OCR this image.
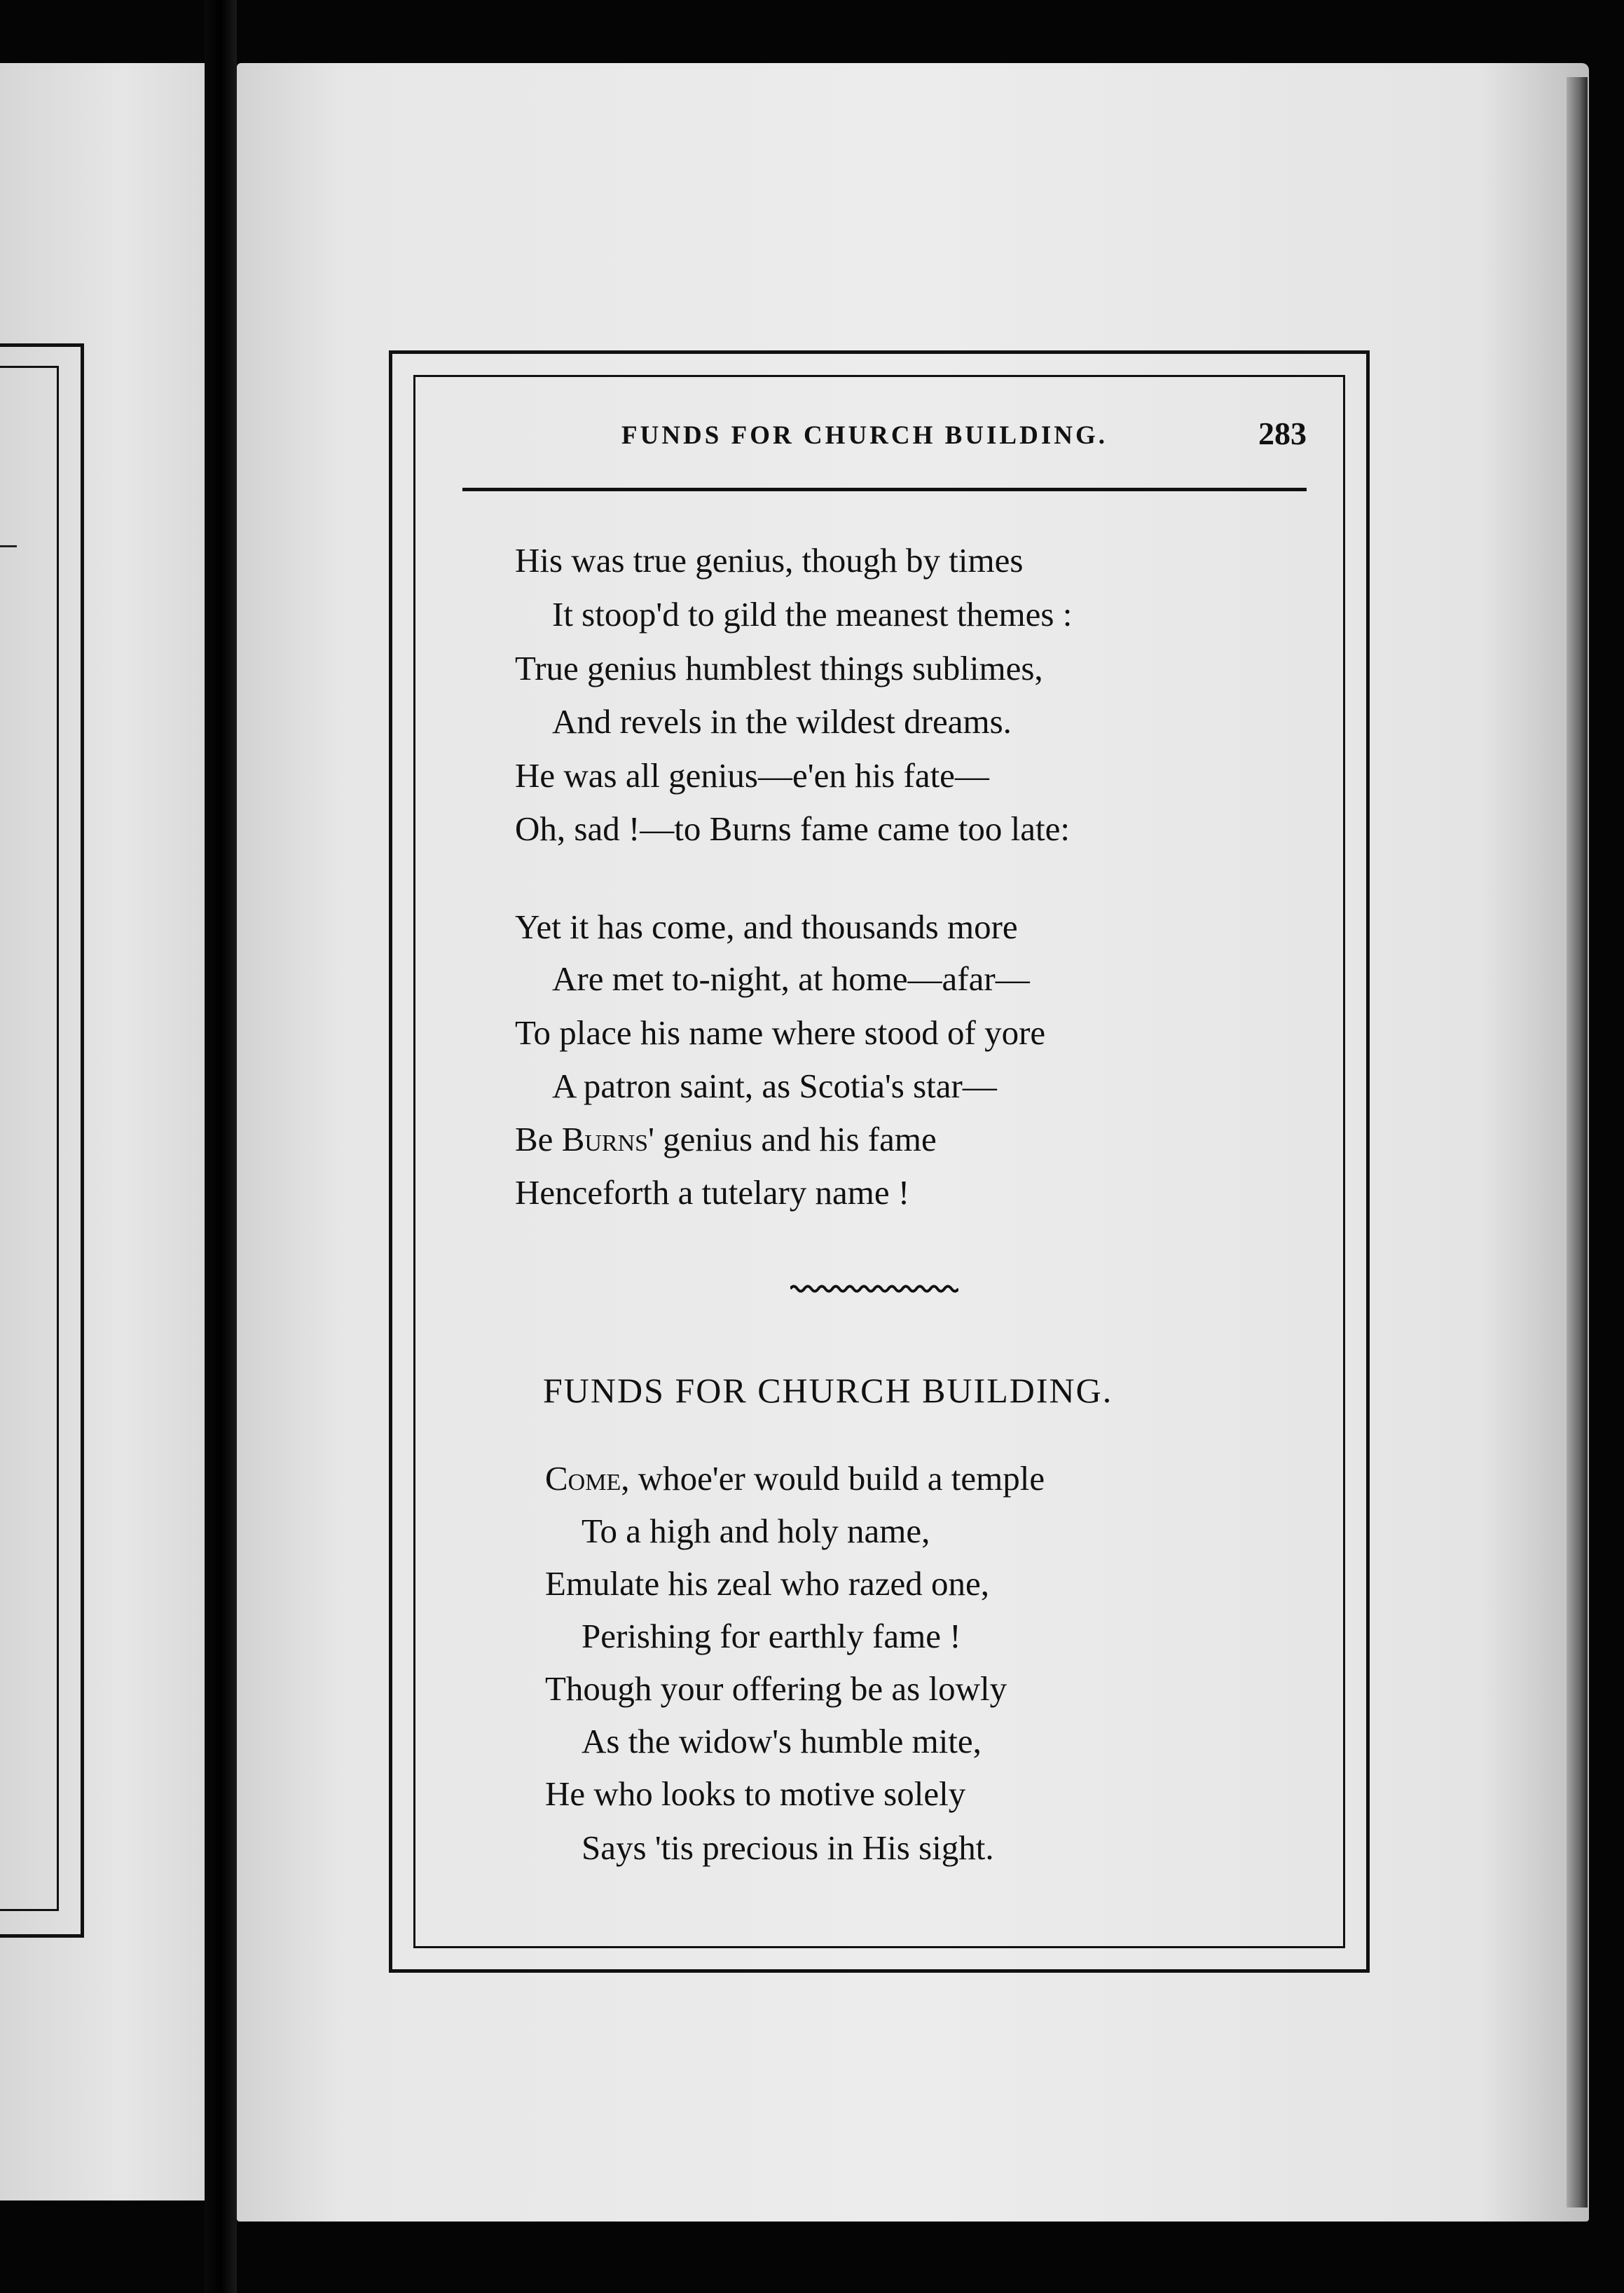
FUNDS FOR CHURCH BUILDING.	283
His was true genius, though by times
It stoop'd to gild the meanest themes :
True genius humblest things sublimes,
And revels in the wildest dreams.
He was all genius—e'en his fate—
Oh, sad !—to Burns fame came too late:
Yet it has come, and thousands more
Are met to-night, at home—afar—
To place his name where stood of yore
A patron saint, as Scotia's star—
Be Burns' genius and his fame
Henceforth a tutelary name !
FUNDS FOR CHURCH BUILDING.
Come, whoe'er would build a temple
To a high and holy name,
Emulate his zeal who razed one,
Perishing for earthly fame !
Though your offering be as lowly
As the widow's humble mite,
He who looks to motive solely
Says 'tis precious in His sight.
